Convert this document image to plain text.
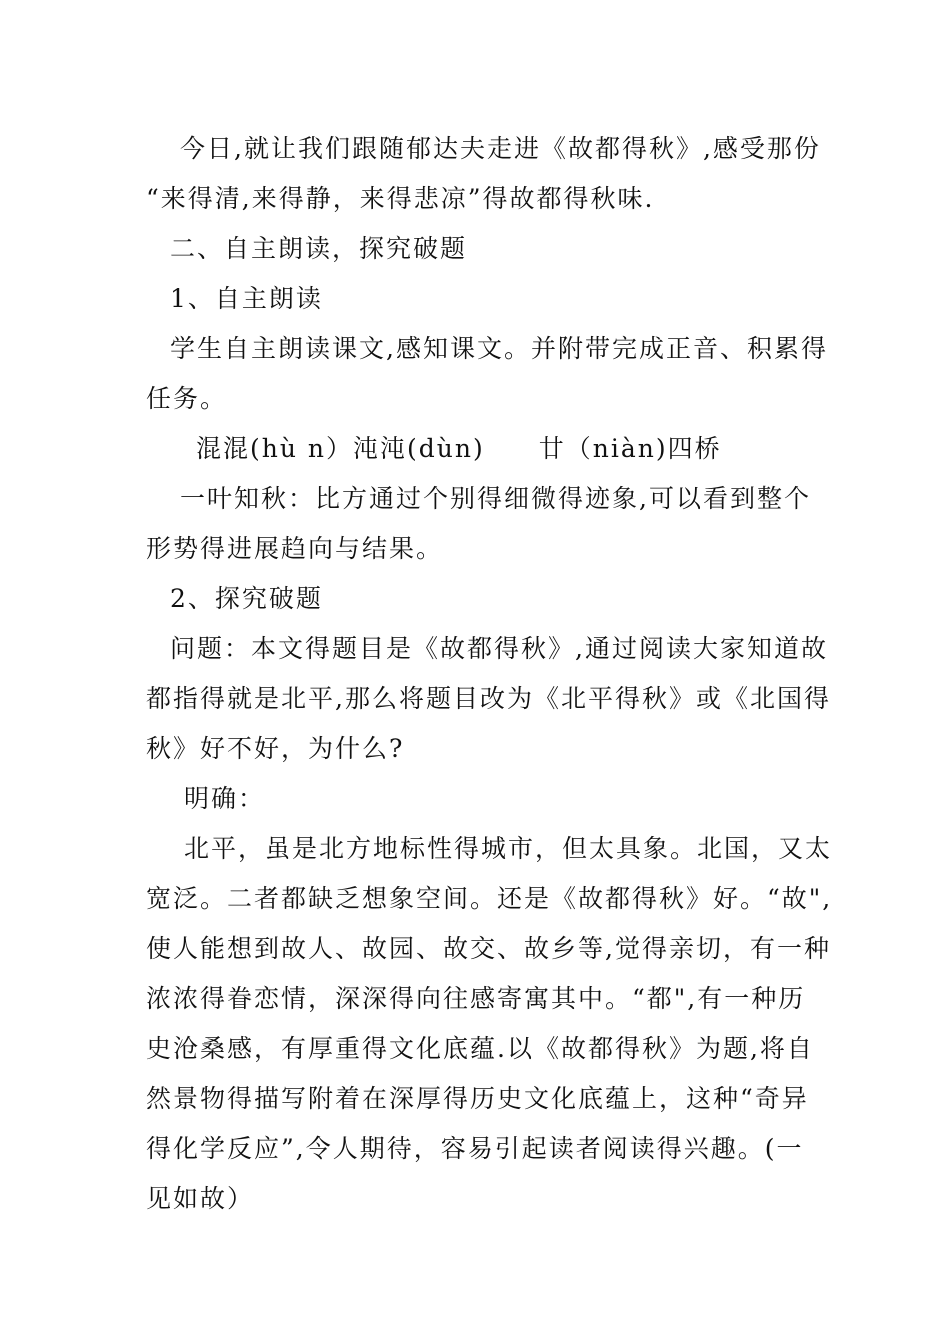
今日,就让我们跟随郁达夫走进《故都得秋》,感受那份
“来得清,来得静，来得悲凉”得故都得秋味.
二、自主朗读，探究破题
1、自主朗读
学生自主朗读课文,感知课文。并附带完成正音、积累得
任务。
混混(hù n）沌沌(dùn)　　廿（niàn)四桥
一叶知秋：比方通过个别得细微得迹象,可以看到整个
形势得进展趋向与结果。
2、探究破题
问题：本文得题目是《故都得秋》,通过阅读大家知道故
都指得就是北平,那么将题目改为《北平得秋》或《北国得
秋》好不好，为什么?
明确：
北平，虽是北方地标性得城市，但太具象。北国，又太
宽泛。二者都缺乏想象空间。还是《故都得秋》好。“故",
使人能想到故人、故园、故交、故乡等,觉得亲切，有一种
浓浓得眷恋情，深深得向往感寄寓其中。“都",有一种历
史沧桑感，有厚重得文化底蕴.以《故都得秋》为题,将自
然景物得描写附着在深厚得历史文化底蕴上，这种“奇异
得化学反应”,令人期待，容易引起读者阅读得兴趣。(一
见如故）
